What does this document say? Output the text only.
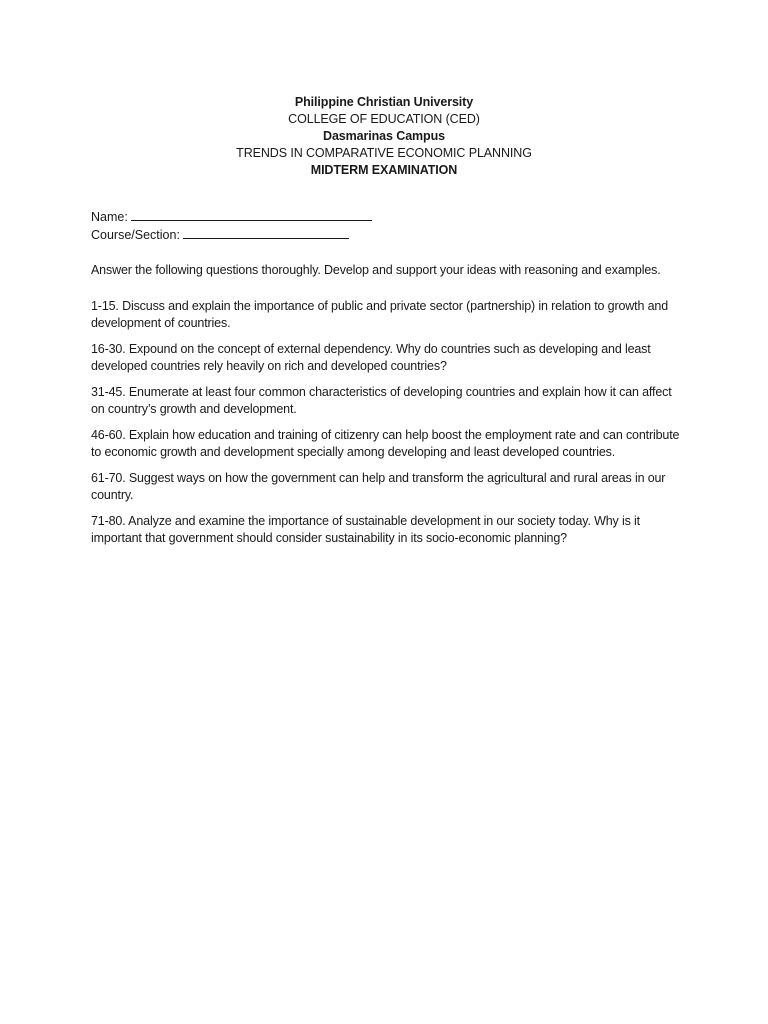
Philippine Christian University
COLLEGE OF EDUCATION (CED)
Dasmarinas Campus
TRENDS IN COMPARATIVE ECONOMIC PLANNING
MIDTERM EXAMINATION
Name:
Course/Section:

Answer the following questions thoroughly. Develop and support your ideas with reasoning and examples.

1-15. Discuss and explain the importance of public and private sector (partnership) in relation to growth and development of countries.

16-30. Expound on the concept of external dependency. Why do countries such as developing and least developed countries rely heavily on rich and developed countries?

31-45. Enumerate at least four common characteristics of developing countries and explain how it can affect on country’s growth and development.

46-60. Explain how education and training of citizenry can help boost the employment rate and can contribute to economic growth and development specially among developing and least developed countries.

61-70. Suggest ways on how the government can help and transform the agricultural and rural areas in our country.

71-80. Analyze and examine the importance of sustainable development in our society today. Why is it important that government should consider sustainability in its socio-economic planning?
